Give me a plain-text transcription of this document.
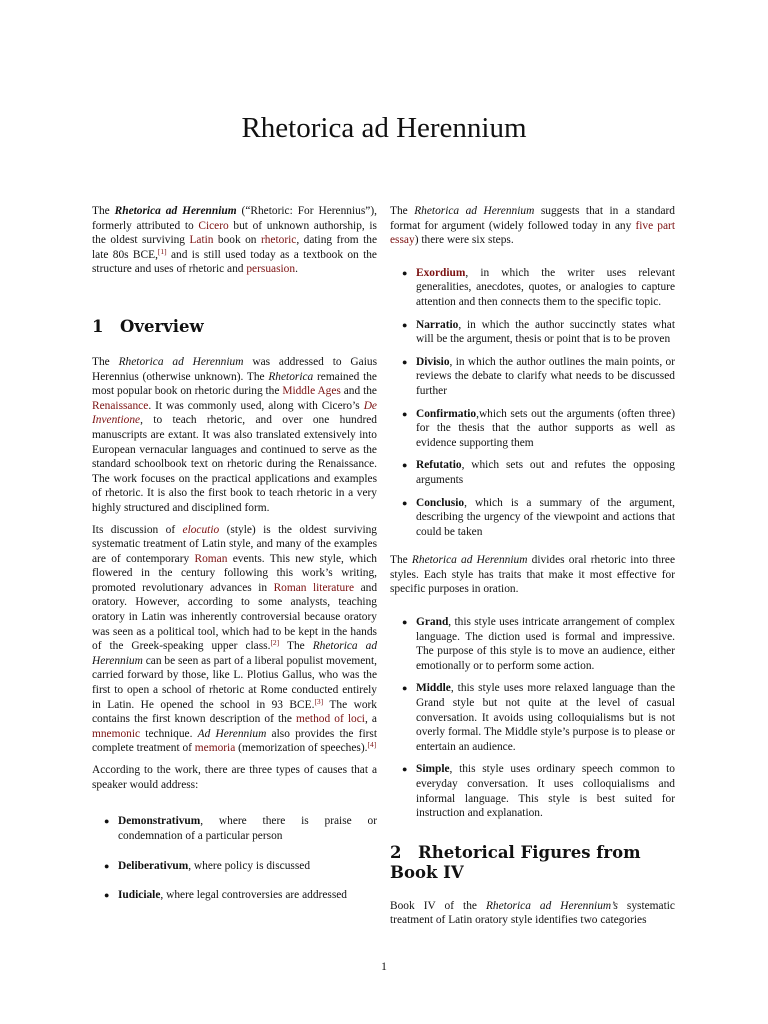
Rhetorica ad Herennium

The Rhetorica ad Herennium (“Rhetoric: For Herennius”), formerly attributed to Cicero but of unknown authorship, is the oldest surviving Latin book on rhetoric, dating from the late 80s BCE,[1] and is still used today as a textbook on the structure and uses of rhetoric and persuasion.

1 Overview

The Rhetorica ad Herennium was addressed to Gaius Herennius (otherwise unknown). The Rhetorica remained the most popular book on rhetoric during the Middle Ages and the Renaissance. It was commonly used, along with Cicero’s De Inventione, to teach rhetoric, and over one hundred manuscripts are extant. It was also translated extensively into European vernacular languages and continued to serve as the standard schoolbook text on rhetoric during the Renaissance. The work focuses on the practical applications and examples of rhetoric. It is also the first book to teach rhetoric in a very highly structured and disciplined form.

Its discussion of elocutio (style) is the oldest surviving systematic treatment of Latin style, and many of the examples are of contemporary Roman events. This new style, which flowered in the century following this work’s writing, promoted revolutionary advances in Roman literature and oratory. However, according to some analysts, teaching oratory in Latin was inherently controversial because oratory was seen as a political tool, which had to be kept in the hands of the Greek-speaking upper class.[2] The Rhetorica ad Herennium can be seen as part of a liberal populist movement, carried forward by those, like L. Plotius Gallus, who was the first to open a school of rhetoric at Rome conducted entirely in Latin. He opened the school in 93 BCE.[3] The work contains the first known description of the method of loci, a mnemonic technique. Ad Herennium also provides the first complete treatment of memoria (memorization of speeches).[4]

According to the work, there are three types of causes that a speaker would address:

● Demonstrativum, where there is praise or condemnation of a particular person
● Deliberativum, where policy is discussed
● Iudiciale, where legal controversies are addressed

The Rhetorica ad Herennium suggests that in a standard format for argument (widely followed today in any five part essay) there were six steps.

● Exordium, in which the writer uses relevant generalities, anecdotes, quotes, or analogies to capture attention and then connects them to the specific topic.
● Narratio, in which the author succinctly states what will be the argument, thesis or point that is to be proven
● Divisio, in which the author outlines the main points, or reviews the debate to clarify what needs to be discussed further
● Confirmatio,which sets out the arguments (often three) for the thesis that the author supports as well as evidence supporting them
● Refutatio, which sets out and refutes the opposing arguments
● Conclusio, which is a summary of the argument, describing the urgency of the viewpoint and actions that could be taken

The Rhetorica ad Herennium divides oral rhetoric into three styles. Each style has traits that make it most effective for specific purposes in oration.

● Grand, this style uses intricate arrangement of complex language. The diction used is formal and impressive. The purpose of this style is to move an audience, either emotionally or to perform some action.
● Middle, this style uses more relaxed language than the Grand style but not quite at the level of casual conversation. It avoids using colloquialisms but is not overly formal. The Middle style’s purpose is to please or entertain an audience.
● Simple, this style uses ordinary speech common to everyday conversation. It uses colloquialisms and informal language. This style is best suited for instruction and explanation.
2 Rhetorical Figures from Book IV

Book IV of the Rhetorica ad Herennium’s systematic treatment of Latin oratory style identifies two categories

1
